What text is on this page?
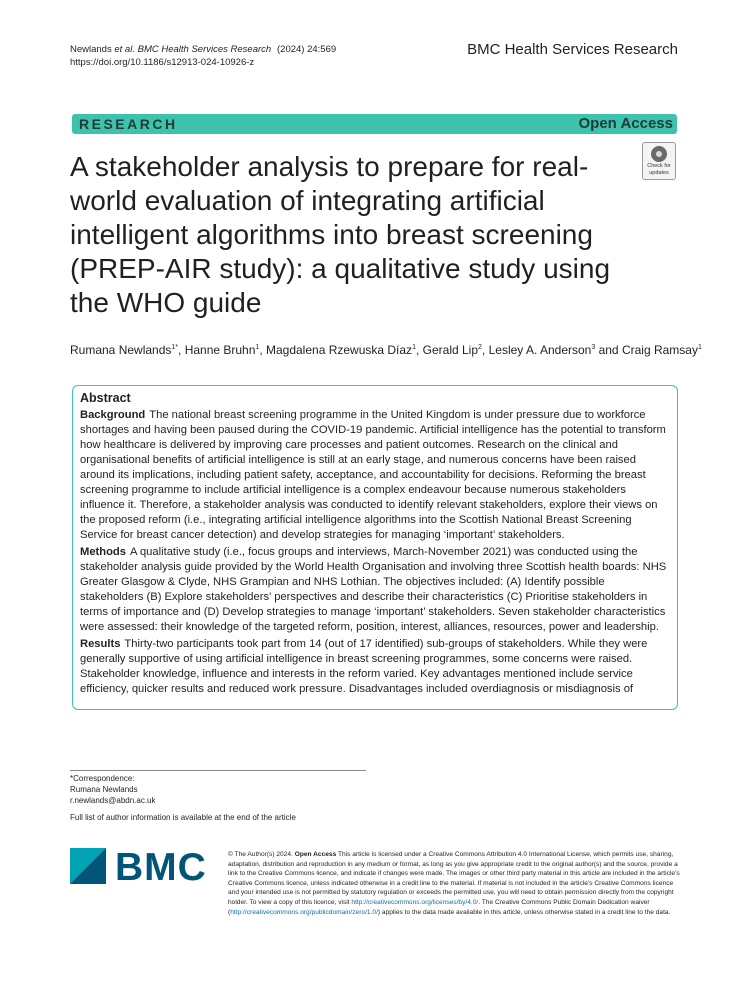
Newlands et al. BMC Health Services Research (2024) 24:569
https://doi.org/10.1186/s12913-024-10926-z
BMC Health Services Research
RESEARCH	Open Access
A stakeholder analysis to prepare for real-world evaluation of integrating artificial intelligent algorithms into breast screening (PREP-AIR study): a qualitative study using the WHO guide
Check for
updates
Rumana Newlands$^{1*}$, Hanne Bruhn$^1$, Magdalena Rzewuska Díaz$^1$, Gerald Lip$^2$, Lesley A. Anderson$^3$ and Craig Ramsay$^1$
Abstract

Background The national breast screening programme in the United Kingdom is under pressure due to workforce shortages and having been paused during the COVID-19 pandemic. Artificial intelligence has the potential to transform how healthcare is delivered by improving care processes and patient outcomes. Research on the clinical and organisational benefits of artificial intelligence is still at an early stage, and numerous concerns have been raised around its implications, including patient safety, acceptance, and accountability for decisions. Reforming the breast screening programme to include artificial intelligence is a complex endeavour because numerous stakeholders influence it. Therefore, a stakeholder analysis was conducted to identify relevant stakeholders, explore their views on the proposed reform (i.e., integrating artificial intelligence algorithms into the Scottish National Breast Screening Service for breast cancer detection) and develop strategies for managing ‘important’ stakeholders.

Methods A qualitative study (i.e., focus groups and interviews, March-November 2021) was conducted using the stakeholder analysis guide provided by the World Health Organisation and involving three Scottish health boards: NHS Greater Glasgow & Clyde, NHS Grampian and NHS Lothian. The objectives included: (A) Identify possible stakeholders (B) Explore stakeholders’ perspectives and describe their characteristics (C) Prioritise stakeholders in terms of importance and (D) Develop strategies to manage ‘important’ stakeholders. Seven stakeholder characteristics were assessed: their knowledge of the targeted reform, position, interest, alliances, resources, power and leadership.

Results Thirty-two participants took part from 14 (out of 17 identified) sub-groups of stakeholders. While they were generally supportive of using artificial intelligence in breast screening programmes, some concerns were raised. Stakeholder knowledge, influence and interests in the reform varied. Key advantages mentioned include service efficiency, quicker results and reduced work pressure. Disadvantages included overdiagnosis or misdiagnosis of

*Correspondence:
Rumana Newlands
r.newlands@abdn.ac.uk
Full list of author information is available at the end of the article
BMC	© The Author(s) 2024. Open Access This article is licensed under a Creative Commons Attribution 4.0 International License, which permits use, sharing, adaptation, distribution and reproduction in any medium or format, as long as you give appropriate credit to the original author(s) and the source, provide a link to the Creative Commons licence, and indicate if changes were made. The images or other third party material in this article are included in the article’s Creative Commons licence, unless indicated otherwise in a credit line to the material. If material is not included in the article’s Creative Commons licence and your intended use is not permitted by statutory regulation or exceeds the permitted use, you will need to obtain permission directly from the copyright holder. To view a copy of this licence, visit http://creativecommons.org/licenses/by/4.0/. The Creative Commons Public Domain Dedication waiver (http://creativecommons.org/publicdomain/zero/1.0/) applies to the data made available in this article, unless otherwise stated in a credit line to the data.
